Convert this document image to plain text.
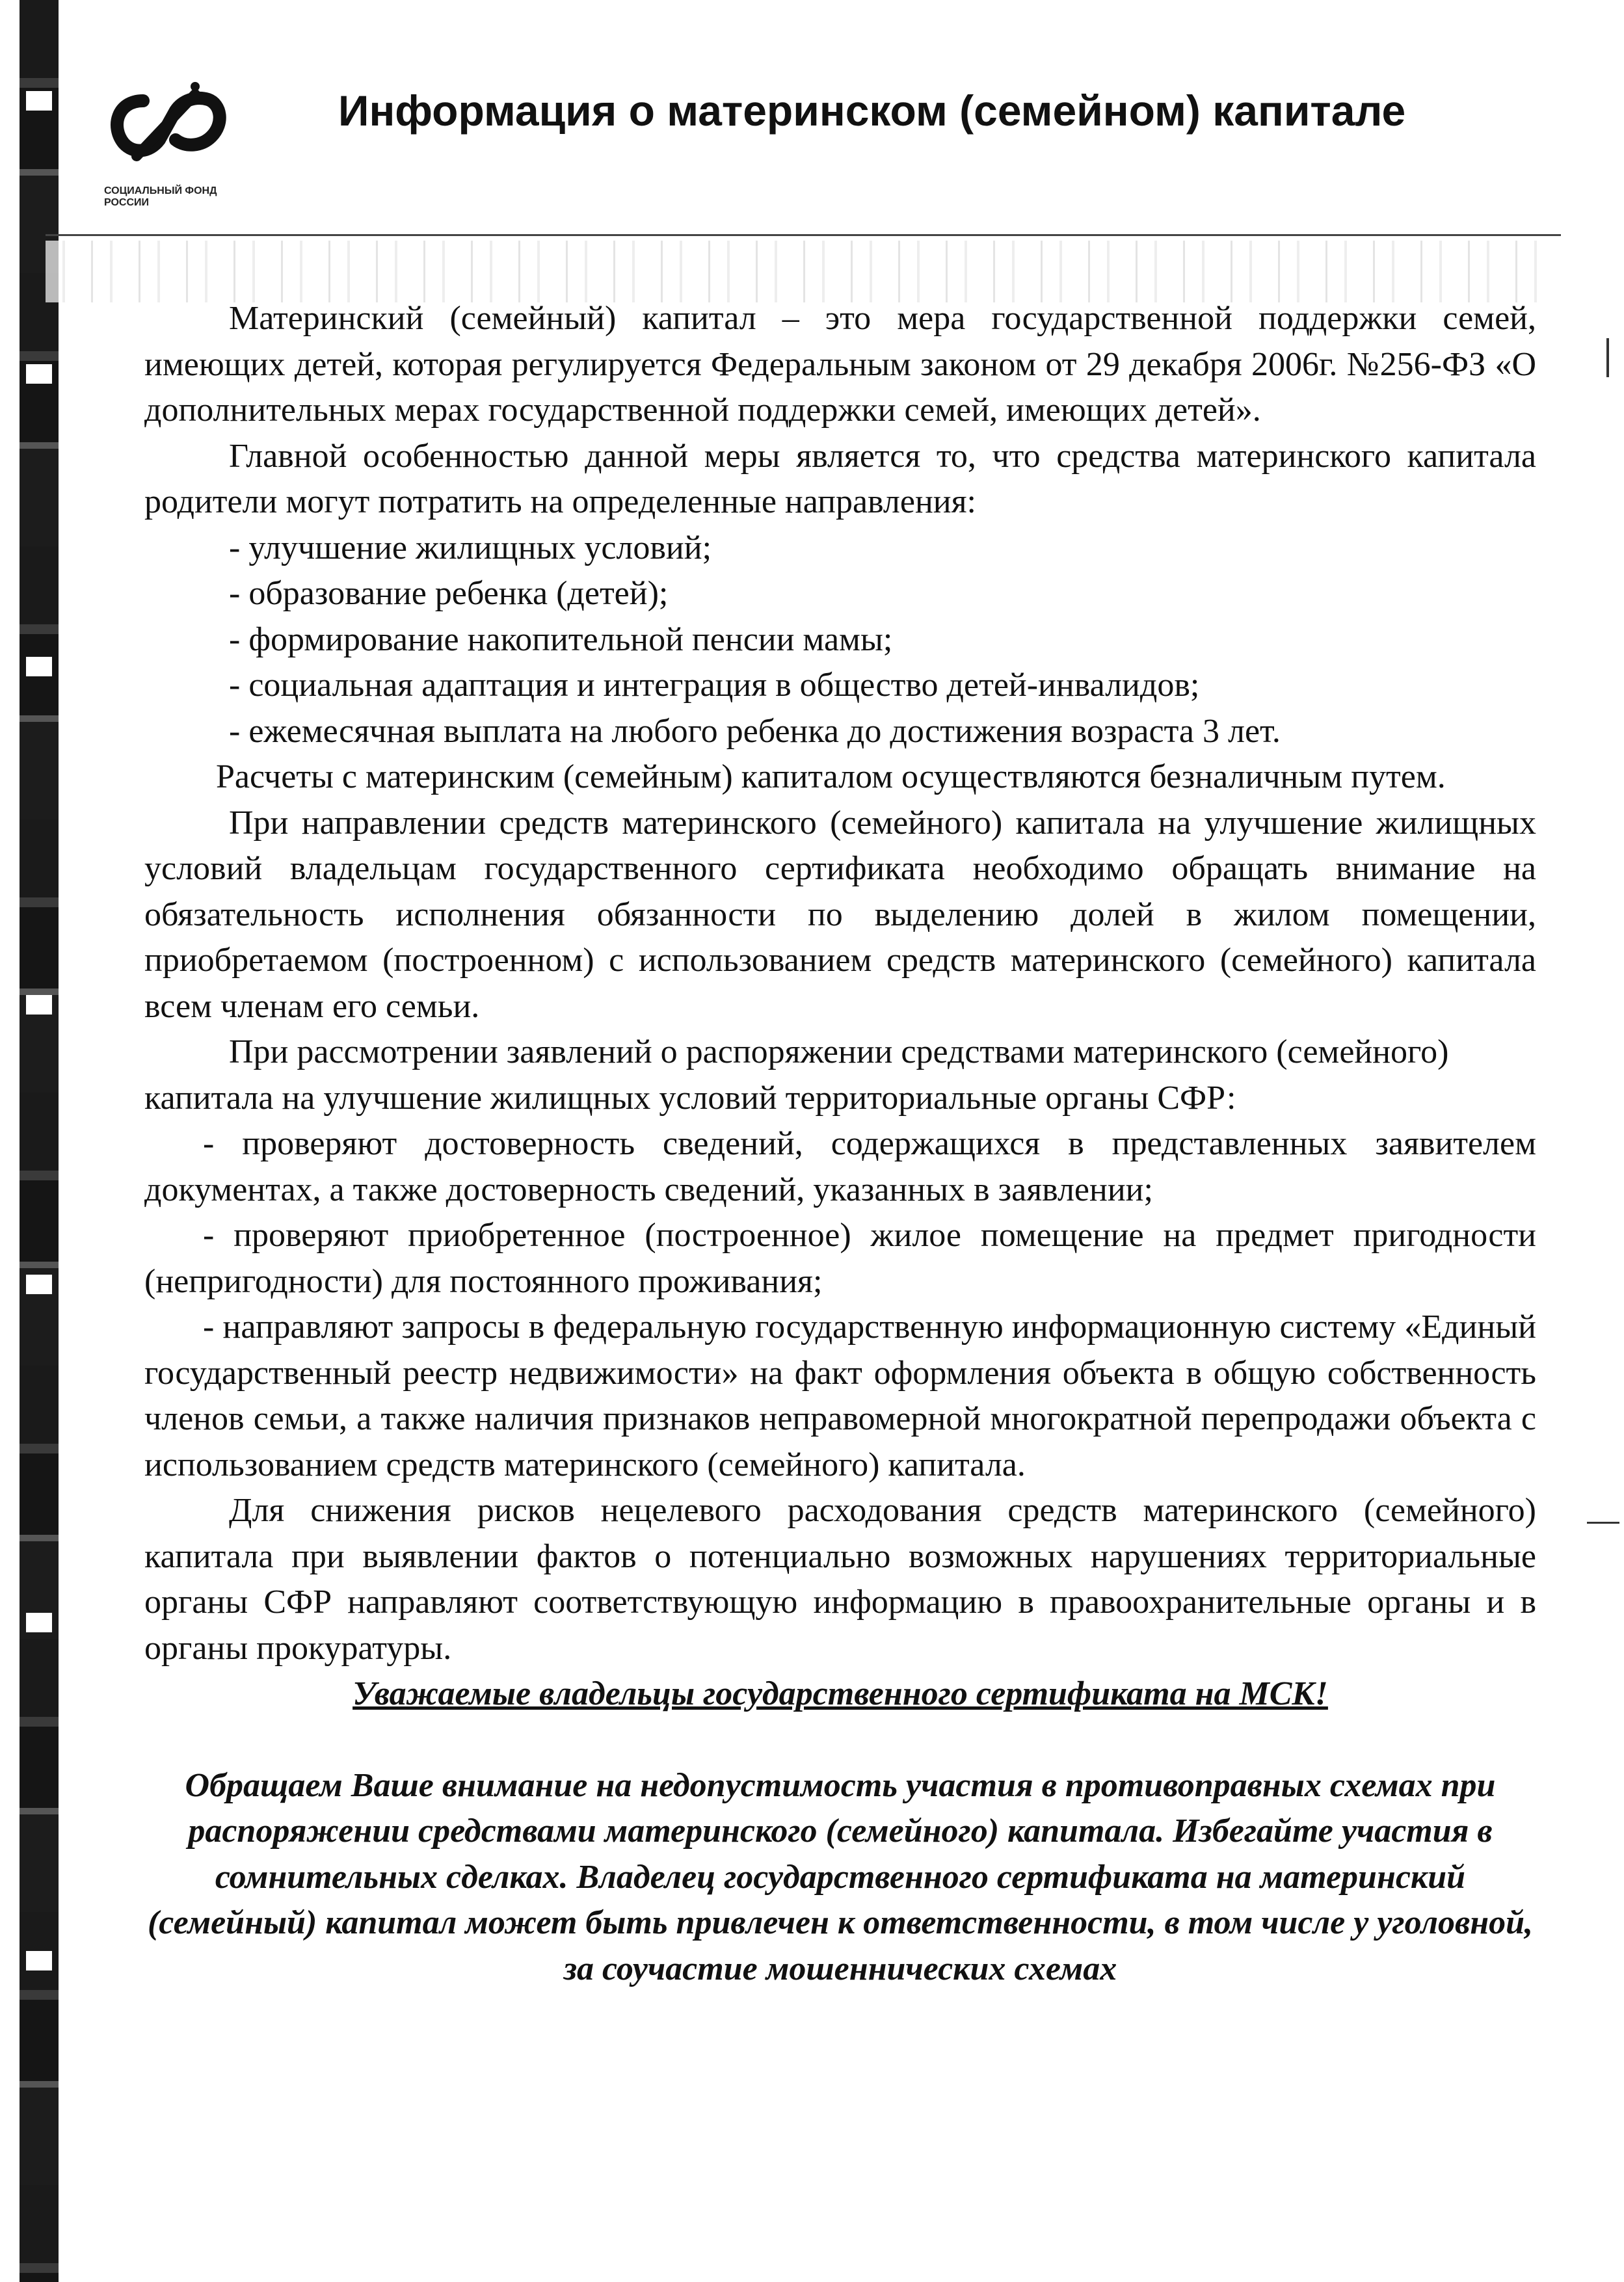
СОЦИАЛЬНЫЙ ФОНД РОССИИ
Информация о материнском (семейном) капитале

Материнский (семейный) капитал – это мера государственной поддержки семей, имеющих детей, которая регулируется Федеральным законом от 29 декабря 2006г. №256-ФЗ «О дополнительных мерах государственной поддержки семей, имеющих детей».

Главной особенностью данной меры является то, что средства материнского капитала родители могут потратить на определенные направления:

- улучшение жилищных условий;

- образование ребенка (детей);

- формирование накопительной пенсии мамы;

- социальная адаптация и интеграция в общество детей-инвалидов;

- ежемесячная выплата на любого ребенка до достижения возраста 3 лет.

Расчеты с материнским (семейным) капиталом осуществляются безналичным путем.

При направлении средств материнского (семейного) капитала на улучшение жилищных условий владельцам государственного сертификата необходимо обращать внимание на обязательность исполнения обязанности по выделению долей в жилом помещении, приобретаемом (построенном) с использованием средств материнского (семейного) капитала всем членам его семьи.

При рассмотрении заявлений о распоряжении средствами материнского (семейного) капитала на улучшение жилищных условий территориальные органы СФР:

- проверяют достоверность сведений, содержащихся в представленных заявителем документах, а также достоверность сведений, указанных в заявлении;

- проверяют приобретенное (построенное) жилое помещение на предмет пригодности (непригодности) для постоянного проживания;

- направляют запросы в федеральную государственную информационную систему «Единый государственный реестр недвижимости» на факт оформления объекта в общую собственность членов семьи, а также наличия признаков неправомерной многократной перепродажи объекта с использованием средств материнского (семейного) капитала.

Для снижения рисков нецелевого расходования средств материнского (семейного) капитала при выявлении фактов о потенциально возможных нарушениях территориальные органы СФР направляют соответствующую информацию в правоохранительные органы и в органы прокуратуры.

Уважаемые владельцы государственного сертификата на МСК!

Обращаем Ваше внимание на недопустимость участия в противоправных схемах при распоряжении средствами материнского (семейного) капитала. Избегайте участия в сомнительных сделках. Владелец государственного сертификата на материнский (семейный) капитал может быть привлечен к ответственности, в том числе у уголовной, за соучастие мошеннических схемах
